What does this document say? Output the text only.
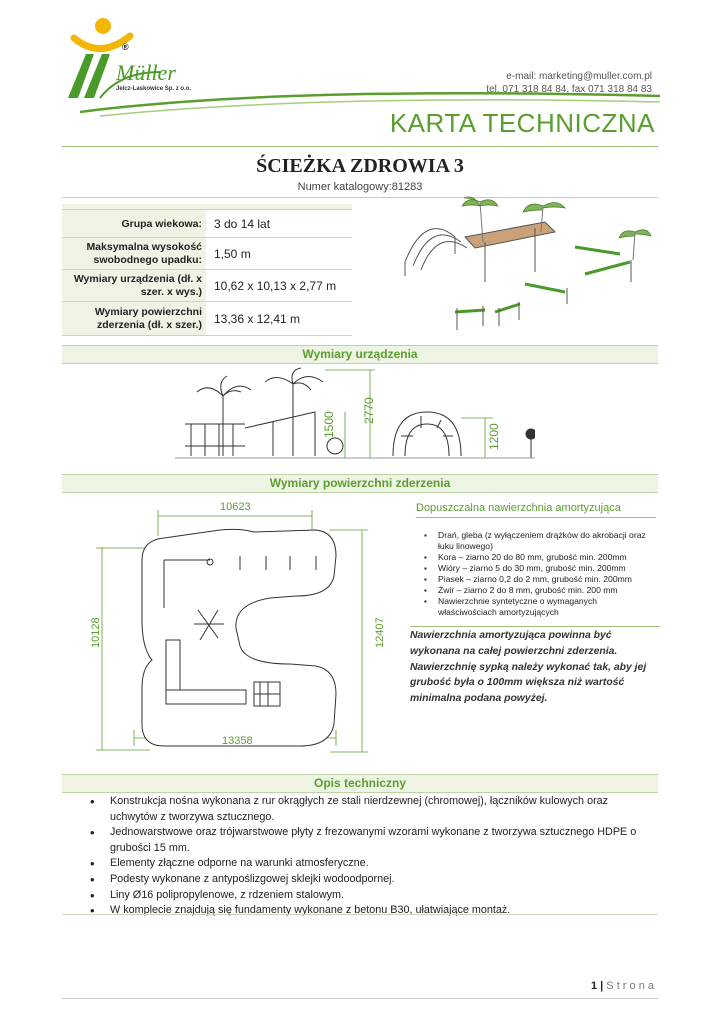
®
Müller
Jelcz-Laskowice Sp. z o.o.
e-mail: marketing@muller.com.pl
tel. 071 318 84 84, fax 071 318 84 83
KARTA TECHNICZNA
ŚCIEŻKA ZDROWIA 3
Numer katalogowy:81283
Grupa wiekowa:	3 do 14 lat
Maksymalna wysokość swobodnego upadku:	1,50 m
Wymiary urządzenia (dł. x szer. x wys.)	10,62 x 10,13 x 2,77 m
Wymiary powierzchni zderzenia (dł. x szer.)	13,36 x 12,41 m
Wymiary urządzenia
1500
2770
1200
Wymiary powierzchni zderzenia
10623
10128	12407
13358
Dopuszczalna nawierzchnia amortyzująca
▪ Drań, gleba (z wyłączeniem drążków do akrobacji oraz łuku linowego)
▪ Kora – ziarno 20 do 80 mm, grubość min. 200mm
▪ Wióry – ziarno 5 do 30 mm, grubość min. 200mm
▪ Piasek – ziarno 0,2 do 2 mm, grubość min. 200mm
▪ Żwir – ziarno 2 do 8 mm, grubość min. 200 mm
▪ Nawierzchnie syntetyczne o wymaganych właściwościach amortyzujących
Nawierzchnia amortyzująca powinna być wykonana na całej powierzchni zderzenia. Nawierzchnię sypką należy wykonać tak, aby jej grubość była o 100mm większa niż wartość minimalna podana powyżej.
Opis techniczny
• Konstrukcja nośna wykonana z rur okrągłych ze stali nierdzewnej (chromowej), łączników kulowych oraz uchwytów z tworzywa sztucznego.
• Jednowarstwowe oraz trójwarstwowe płyty z frezowanymi wzorami wykonane z tworzywa sztucznego HDPE o grubości 15 mm.
• Elementy złączne odporne na warunki atmosferyczne.
• Podesty wykonane z antypoślizgowej sklejki wodoodpornej.
• Liny Ø16 polipropylenowe, z rdzeniem stalowym.
• W komplecie znajdują się fundamenty wykonane z betonu B30, ułatwiające montaż.
1 | S t r o n a
